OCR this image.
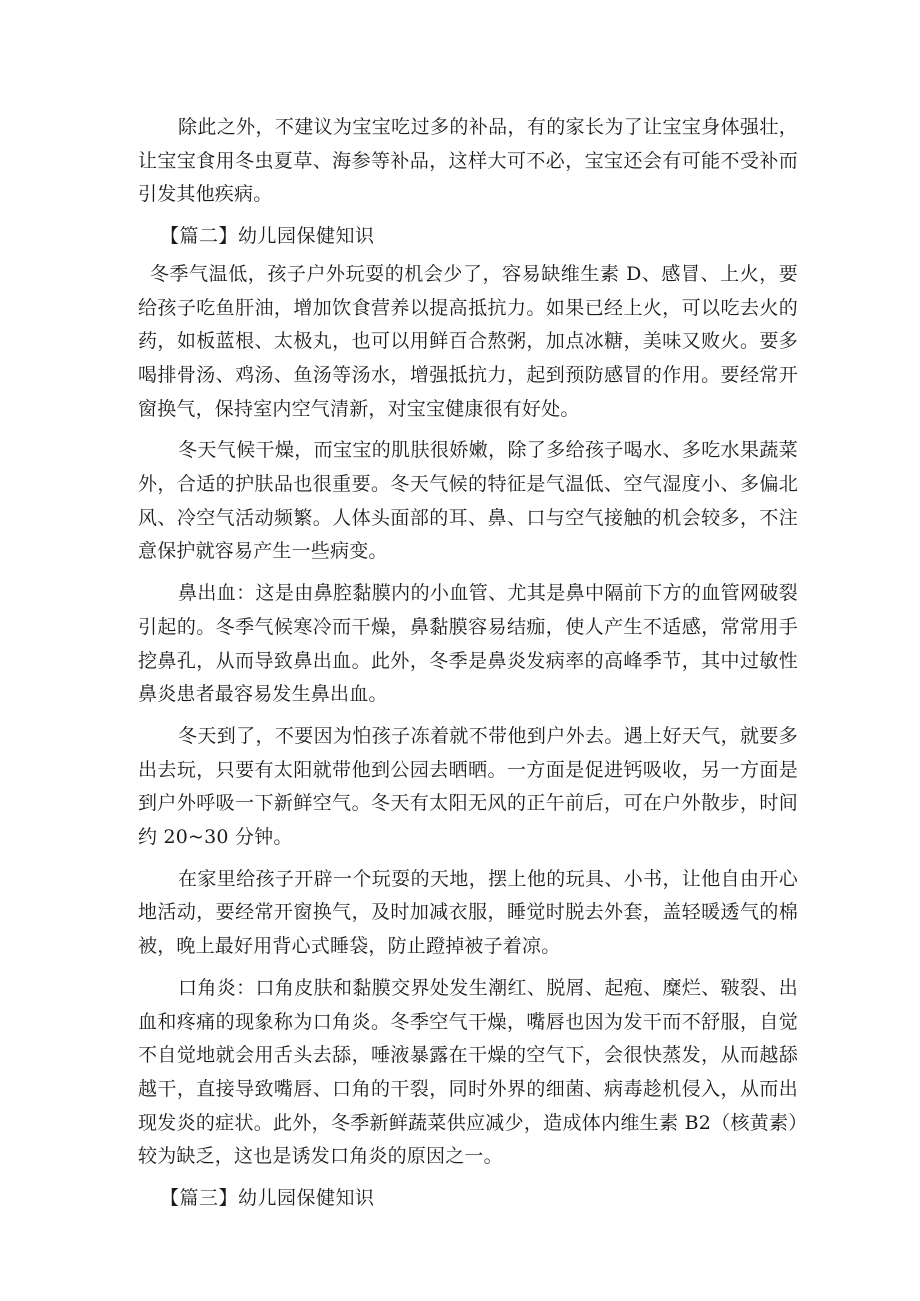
除此之外，不建议为宝宝吃过多的补品，有的家长为了让宝宝身体强壮，让宝宝食用冬虫夏草、海参等补品，这样大可不必，宝宝还会有可能不受补而引发其他疾病。

【篇二】幼儿园保健知识

冬季气温低，孩子户外玩耍的机会少了，容易缺维生素 D、感冒、上火，要给孩子吃鱼肝油，增加饮食营养以提高抵抗力。如果已经上火，可以吃去火的药，如板蓝根、太极丸，也可以用鲜百合熬粥，加点冰糖，美味又败火。要多喝排骨汤、鸡汤、鱼汤等汤水，增强抵抗力，起到预防感冒的作用。要经常开窗换气，保持室内空气清新，对宝宝健康很有好处。

冬天气候干燥，而宝宝的肌肤很娇嫩，除了多给孩子喝水、多吃水果蔬菜外，合适的护肤品也很重要。冬天气候的特征是气温低、空气湿度小、多偏北风、冷空气活动频繁。人体头面部的耳、鼻、口与空气接触的机会较多，不注意保护就容易产生一些病变。

鼻出血：这是由鼻腔黏膜内的小血管、尤其是鼻中隔前下方的血管网破裂引起的。冬季气候寒冷而干燥，鼻黏膜容易结痂，使人产生不适感，常常用手挖鼻孔，从而导致鼻出血。此外，冬季是鼻炎发病率的高峰季节，其中过敏性鼻炎患者最容易发生鼻出血。

冬天到了，不要因为怕孩子冻着就不带他到户外去。遇上好天气，就要多出去玩，只要有太阳就带他到公园去晒晒。一方面是促进钙吸收，另一方面是到户外呼吸一下新鲜空气。冬天有太阳无风的正午前后，可在户外散步，时间约 20~30 分钟。

在家里给孩子开辟一个玩耍的天地，摆上他的玩具、小书，让他自由开心地活动，要经常开窗换气，及时加减衣服，睡觉时脱去外套，盖轻暖透气的棉被，晚上最好用背心式睡袋，防止蹬掉被子着凉。

口角炎：口角皮肤和黏膜交界处发生潮红、脱屑、起疱、糜烂、皲裂、出血和疼痛的现象称为口角炎。冬季空气干燥，嘴唇也因为发干而不舒服，自觉不自觉地就会用舌头去舔，唾液暴露在干燥的空气下，会很快蒸发，从而越舔越干，直接导致嘴唇、口角的干裂，同时外界的细菌、病毒趁机侵入，从而出现发炎的症状。此外，冬季新鲜蔬菜供应减少，造成体内维生素 B2（核黄素）较为缺乏，这也是诱发口角炎的原因之一。

【篇三】幼儿园保健知识
